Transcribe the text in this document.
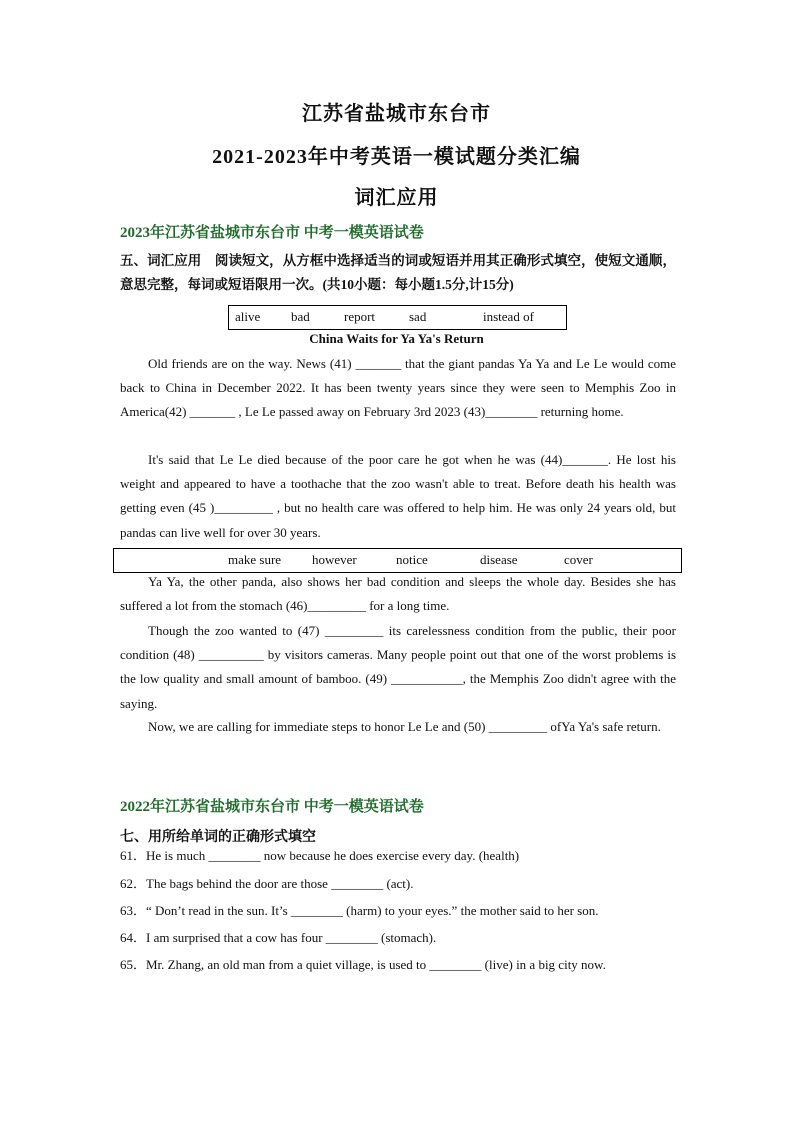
江苏省盐城市东台市
2021-2023年中考英语一模试题分类汇编
词汇应用
2023年江苏省盐城市东台市 中考一模英语试卷
五、词汇应用　阅读短文，从方框中选择适当的词或短语并用其正确形式填空，使短文通顺，意思完整，每词或短语限用一次。(共10小题：每小题1.5分,计15分)
alive bad	report	sad	instead of
China Waits for Ya Ya's Return

Old friends are on the way. News (41) _______ that the giant pandas Ya Ya and Le Le would come back to China in December 2022. It has been twenty years since they were seen to Memphis Zoo in America(42) _______ , Le Le passed away on February 3rd 2023 (43)________ returning home.

It's said that Le Le died because of the poor care he got when he was (44)_______. He lost his weight and appeared to have a toothache that the zoo wasn't able to treat. Before death his health was getting even (45 )_________ , but no health care was offered to help him. He was only 24 years old, but pandas can live well for over 30 years.

make sure however	notice	disease	cover

Ya Ya, the other panda, also shows her bad condition and sleeps the whole day. Besides she has suffered a lot from the stomach (46)_________ for a long time.

Though the zoo wanted to (47) _________ its carelessness condition from the public, their poor condition (48) __________ by visitors cameras. Many people point out that one of the worst problems is the low quality and small amount of bamboo. (49) ___________, the Memphis Zoo didn't agree with the saying.

Now, we are calling for immediate steps to honor Le Le and (50) _________ ofYa Ya's safe return.

2022年江苏省盐城市东台市 中考一模英语试卷
七、用所给单词的正确形式填空
61．He is much ________ now because he does exercise every day. (health)
62．The bags behind the door are those ________ (act).
63．“ Don’t read in the sun. It’s ________ (harm) to your eyes.” the mother said to her son.
64．I am surprised that a cow has four ________ (stomach).
65．Mr. Zhang, an old man from a quiet village, is used to ________ (live) in a big city now.
